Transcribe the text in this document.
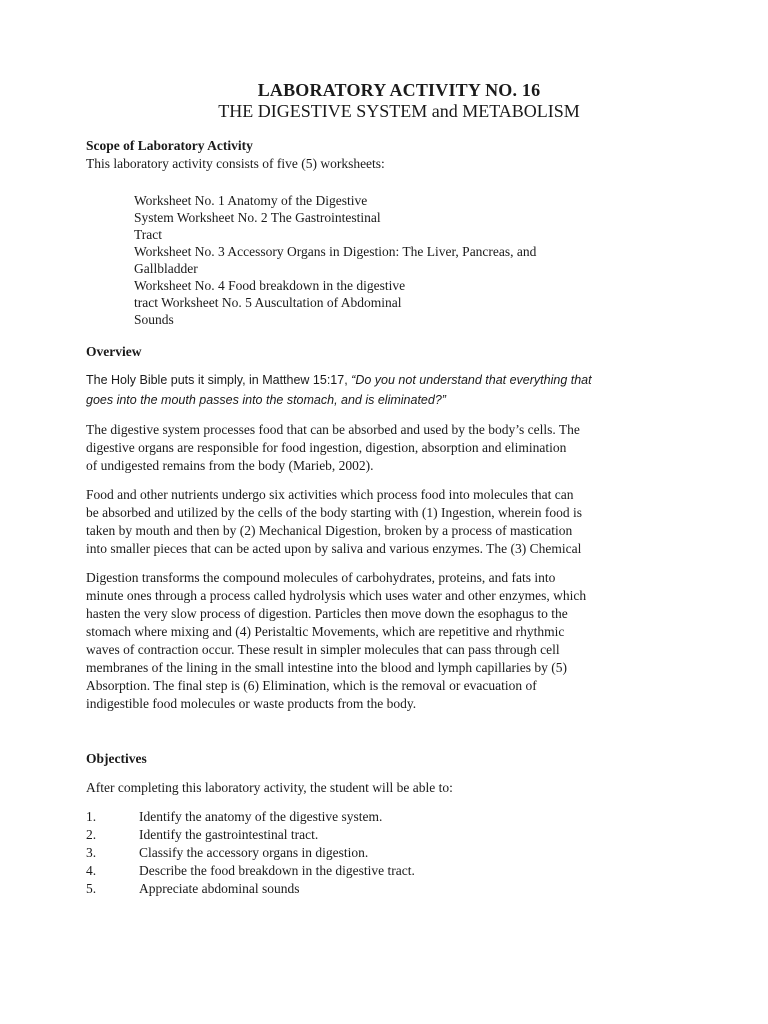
LABORATORY ACTIVITY NO. 16
THE DIGESTIVE SYSTEM and METABOLISM
Scope of Laboratory Activity
This laboratory activity consists of five (5) worksheets:
Worksheet No. 1 Anatomy of the Digestive
System Worksheet No. 2 The Gastrointestinal
Tract
Worksheet No. 3 Accessory Organs in Digestion: The Liver, Pancreas, and
Gallbladder
Worksheet No. 4 Food breakdown in the digestive
tract Worksheet No. 5 Auscultation of Abdominal
Sounds
Overview
The Holy Bible puts it simply, in Matthew 15:17, “Do you not understand that everything that
goes into the mouth passes into the stomach, and is eliminated?”
The digestive system processes food that can be absorbed and used by the body’s cells. The
digestive organs are responsible for food ingestion, digestion, absorption and elimination
of undigested remains from the body (Marieb, 2002).
Food and other nutrients undergo six activities which process food into molecules that can
be absorbed and utilized by the cells of the body starting with (1) Ingestion, wherein food is
taken by mouth and then by (2) Mechanical Digestion, broken by a process of mastication
into smaller pieces that can be acted upon by saliva and various enzymes. The (3) Chemical
Digestion transforms the compound molecules of carbohydrates, proteins, and fats into
minute ones through a process called hydrolysis which uses water and other enzymes, which
hasten the very slow process of digestion. Particles then move down the esophagus to the
stomach where mixing and (4) Peristaltic Movements, which are repetitive and rhythmic
waves of contraction occur. These result in simpler molecules that can pass through cell
membranes of the lining in the small intestine into the blood and lymph capillaries by (5)
Absorption. The final step is (6) Elimination, which is the removal or evacuation of
indigestible food molecules or waste products from the body.
Objectives
After completing this laboratory activity, the student will be able to:
1.	Identify the anatomy of the digestive system.
2.	Identify the gastrointestinal tract.
3.	Classify the accessory organs in digestion.
4.	Describe the food breakdown in the digestive tract.
5.	Appreciate abdominal sounds
